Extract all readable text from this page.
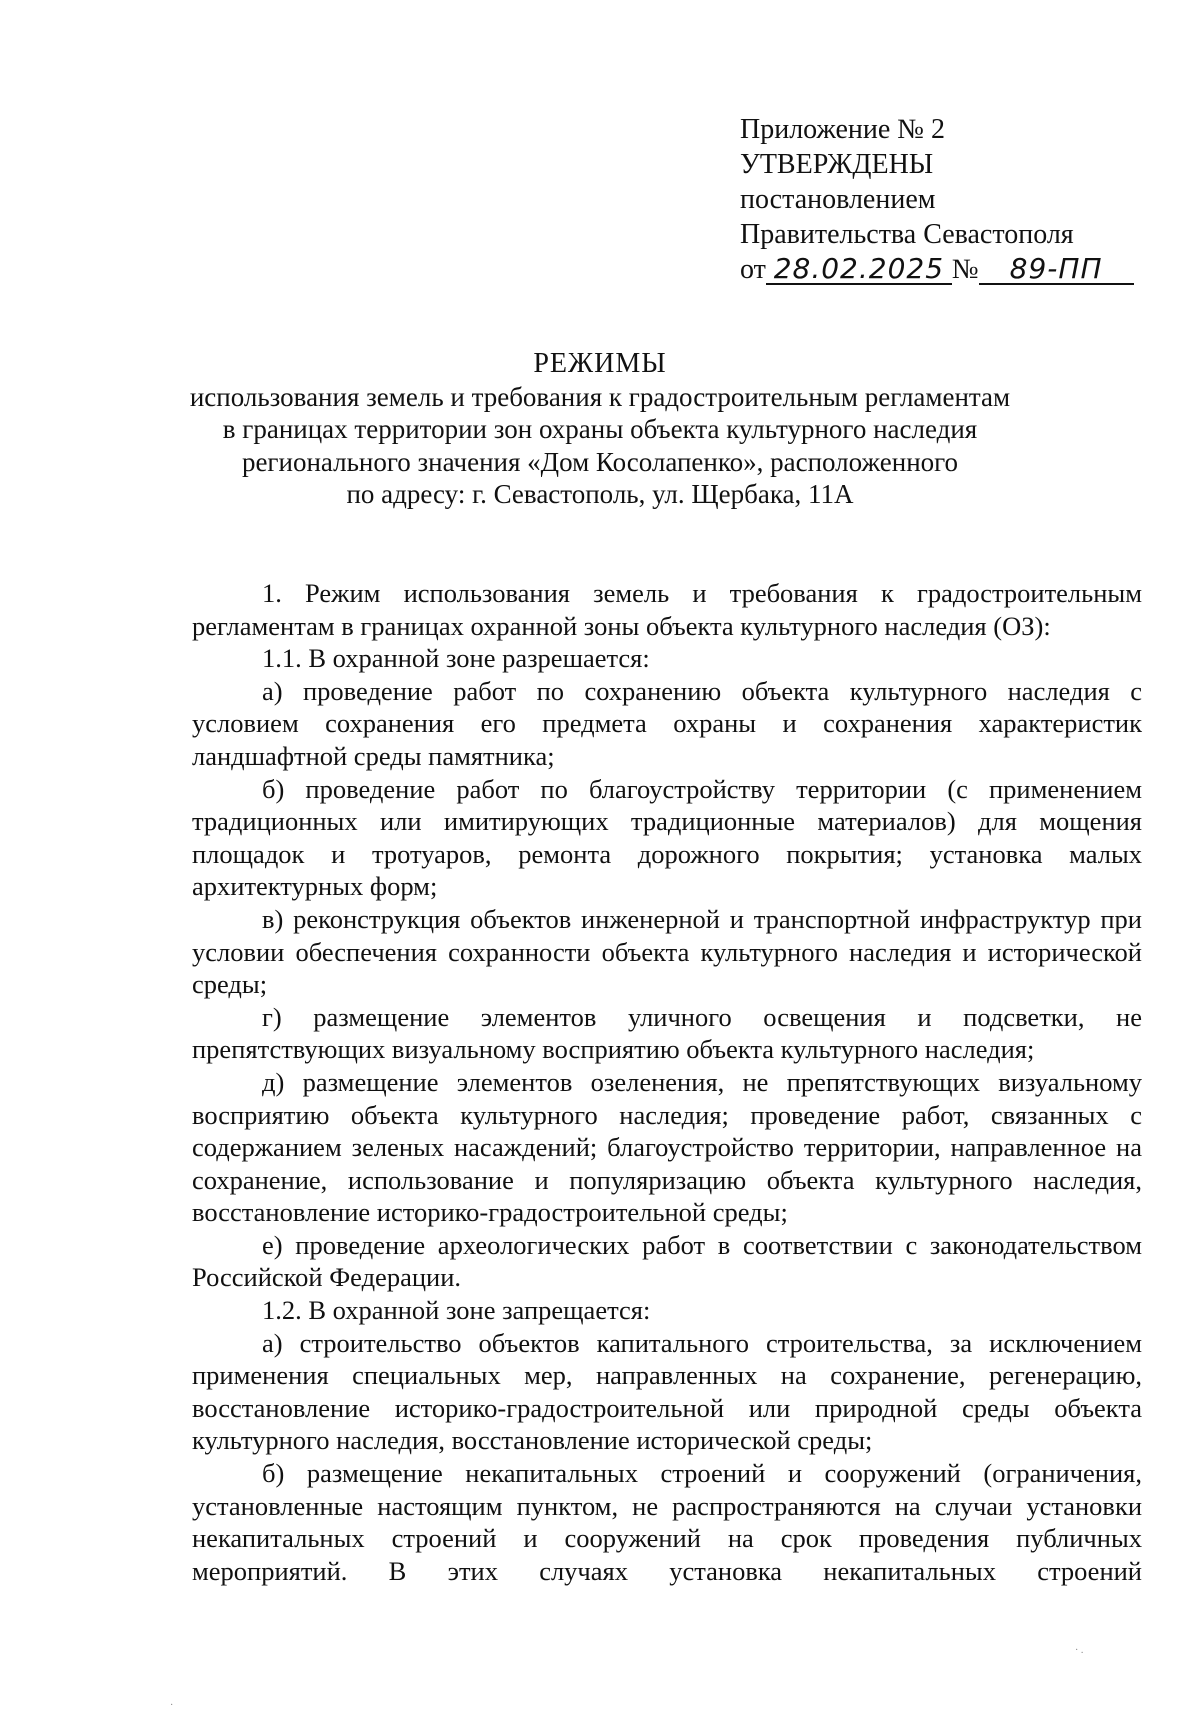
Приложение № 2
УТВЕРЖДЕНЫ
постановлением
Правительства Севастополя
от 28.02.2025 № 89-ПП
РЕЖИМЫ
использования земель и требования к градостроительным регламентам
в границах территории зон охраны объекта культурного наследия
регионального значения «Дом Косолапенко», расположенного
по адресу: г. Севастополь, ул. Щербака, 11А

1. Режим использования земель и требования к градостроительным регламентам в границах охранной зоны объекта культурного наследия (ОЗ):

1.1. В охранной зоне разрешается:

а) проведение работ по сохранению объекта культурного наследия с условием сохранения его предмета охраны и сохранения характеристик ландшафтной среды памятника;

б) проведение работ по благоустройству территории (с применением традиционных или имитирующих традиционные материалов) для мощения площадок и тротуаров, ремонта дорожного покрытия; установка малых архитектурных форм;

в) реконструкция объектов инженерной и транспортной инфраструктур при условии обеспечения сохранности объекта культурного наследия и исторической среды;

г) размещение элементов уличного освещения и подсветки, не препятствующих визуальному восприятию объекта культурного наследия;

д) размещение элементов озеленения, не препятствующих визуальному восприятию объекта культурного наследия; проведение работ, связанных с содержанием зеленых насаждений; благоустройство территории, направленное на сохранение, использование и популяризацию объекта культурного наследия, восстановление историко-градостроительной среды;

е) проведение археологических работ в соответствии с законодательством Российской Федерации.

1.2. В охранной зоне запрещается:

а) строительство объектов капитального строительства, за исключением применения специальных мер, направленных на сохранение, регенерацию, восстановление историко-градостроительной или природной среды объекта культурного наследия, восстановление исторической среды;

б) размещение некапитальных строений и сооружений (ограничения, установленные настоящим пунктом, не распространяются на случаи установки некапитальных строений и сооружений на срок проведения публичных мероприятий. В этих случаях установка некапитальных строений

· .
·
